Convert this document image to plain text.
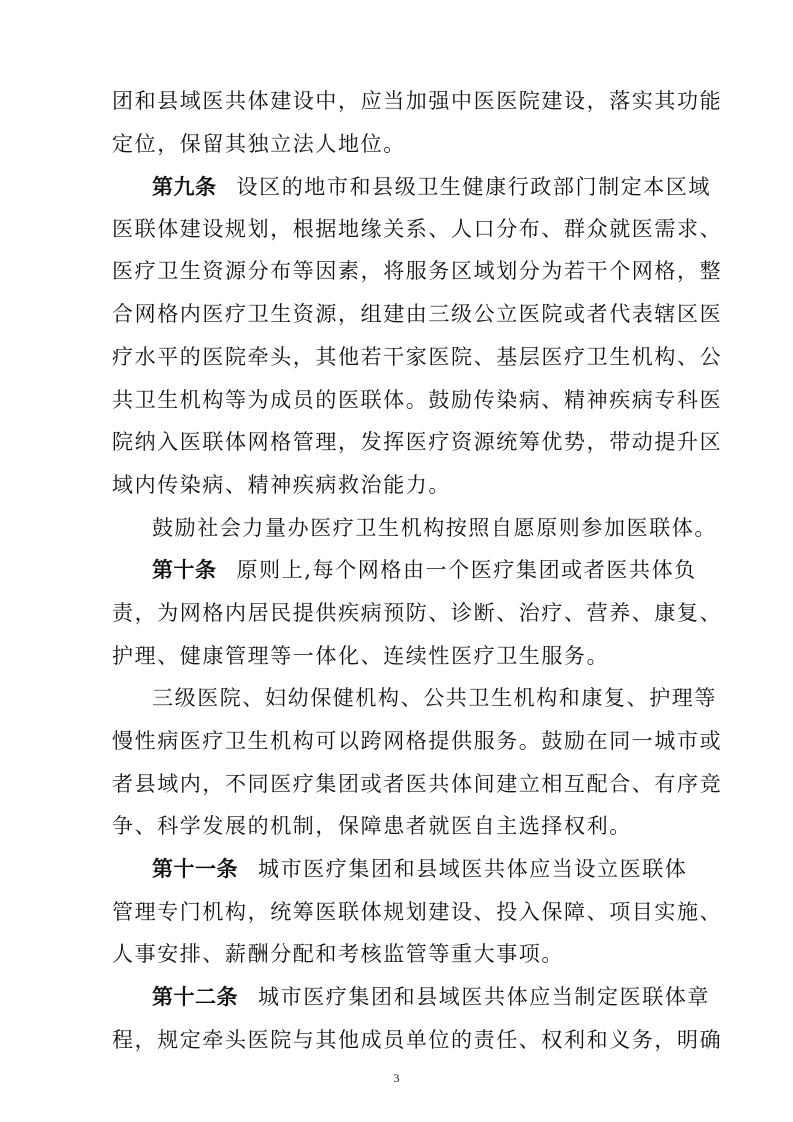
团和县域医共体建设中，应当加强中医医院建设，落实其功能
定位，保留其独立法人地位。
第九条 设区的地市和县级卫生健康行政部门制定本区域
医联体建设规划，根据地缘关系、人口分布、群众就医需求、
医疗卫生资源分布等因素，将服务区域划分为若干个网格，整
合网格内医疗卫生资源，组建由三级公立医院或者代表辖区医
疗水平的医院牵头，其他若干家医院、基层医疗卫生机构、公
共卫生机构等为成员的医联体。鼓励传染病、精神疾病专科医
院纳入医联体网格管理，发挥医疗资源统筹优势，带动提升区
域内传染病、精神疾病救治能力。
鼓励社会力量办医疗卫生机构按照自愿原则参加医联体。
第十条 原则上,每个网格由一个医疗集团或者医共体负
责，为网格内居民提供疾病预防、诊断、治疗、营养、康复、
护理、健康管理等一体化、连续性医疗卫生服务。
三级医院、妇幼保健机构、公共卫生机构和康复、护理等
慢性病医疗卫生机构可以跨网格提供服务。鼓励在同一城市或
者县域内，不同医疗集团或者医共体间建立相互配合、有序竞
争、科学发展的机制，保障患者就医自主选择权利。
第十一条 城市医疗集团和县域医共体应当设立医联体
管理专门机构，统筹医联体规划建设、投入保障、项目实施、
人事安排、薪酬分配和考核监管等重大事项。
第十二条 城市医疗集团和县域医共体应当制定医联体章
程，规定牵头医院与其他成员单位的责任、权利和义务，明确
3
